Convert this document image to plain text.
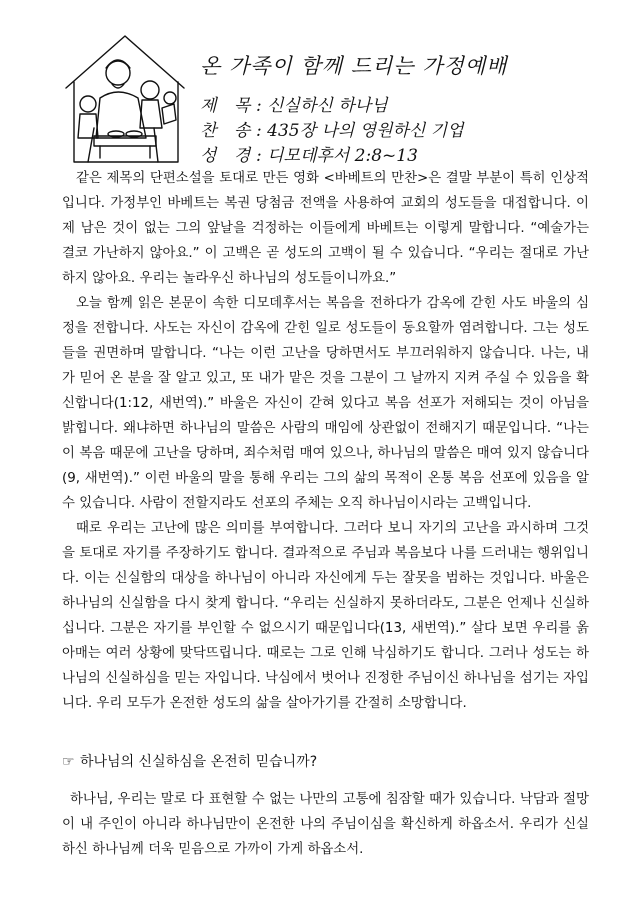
온 가족이 함께 드리는 가정예배
제 목: 신실하신 하나님
찬 송: 435장 나의 영원하신 기업
성 경: 디모데후서 2:8~13

같은 제목의 단편소설을 토대로 만든 영화 <바베트의 만찬>은 결말 부분이 특히 인상적입니다. 가정부인 바베트는 복권 당첨금 전액을 사용하여 교회의 성도들을 대접합니다. 이제 남은 것이 없는 그의 앞날을 걱정하는 이들에게 바베트는 이렇게 말합니다. “예술가는 결코 가난하지 않아요.” 이 고백은 곧 성도의 고백이 될 수 있습니다. “우리는 절대로 가난하지 않아요. 우리는 놀라우신 하나님의 성도들이니까요.”

오늘 함께 읽은 본문이 속한 디모데후서는 복음을 전하다가 감옥에 갇힌 사도 바울의 심정을 전합니다. 사도는 자신이 감옥에 갇힌 일로 성도들이 동요할까 염려합니다. 그는 성도들을 권면하며 말합니다. “나는 이런 고난을 당하면서도 부끄러워하지 않습니다. 나는, 내가 믿어 온 분을 잘 알고 있고, 또 내가 맡은 것을 그분이 그 날까지 지켜 주실 수 있음을 확신합니다(1:12, 새번역).” 바울은 자신이 갇혀 있다고 복음 선포가 저해되는 것이 아님을 밝힙니다. 왜냐하면 하나님의 말씀은 사람의 매임에 상관없이 전해지기 때문입니다. “나는 이 복음 때문에 고난을 당하며, 죄수처럼 매여 있으나, 하나님의 말씀은 매여 있지 않습니다(9, 새번역).” 이런 바울의 말을 통해 우리는 그의 삶의 목적이 온통 복음 선포에 있음을 알 수 있습니다. 사람이 전할지라도 선포의 주체는 오직 하나님이시라는 고백입니다.

때로 우리는 고난에 많은 의미를 부여합니다. 그러다 보니 자기의 고난을 과시하며 그것을 토대로 자기를 주장하기도 합니다. 결과적으로 주님과 복음보다 나를 드러내는 행위입니다. 이는 신실함의 대상을 하나님이 아니라 자신에게 두는 잘못을 범하는 것입니다. 바울은 하나님의 신실함을 다시 찾게 합니다. “우리는 신실하지 못하더라도, 그분은 언제나 신실하십니다. 그분은 자기를 부인할 수 없으시기 때문입니다(13, 새번역).” 살다 보면 우리를 옭아매는 여러 상황에 맞닥뜨립니다. 때로는 그로 인해 낙심하기도 합니다. 그러나 성도는 하나님의 신실하심을 믿는 자입니다. 낙심에서 벗어나 진정한 주님이신 하나님을 섬기는 자입니다. 우리 모두가 온전한 성도의 삶을 살아가기를 간절히 소망합니다.

☞ 하나님의 신실하심을 온전히 믿습니까?

하나님, 우리는 말로 다 표현할 수 없는 나만의 고통에 침잠할 때가 있습니다. 낙담과 절망이 내 주인이 아니라 하나님만이 온전한 나의 주님이심을 확신하게 하옵소서. 우리가 신실하신 하나님께 더욱 믿음으로 가까이 가게 하옵소서.
